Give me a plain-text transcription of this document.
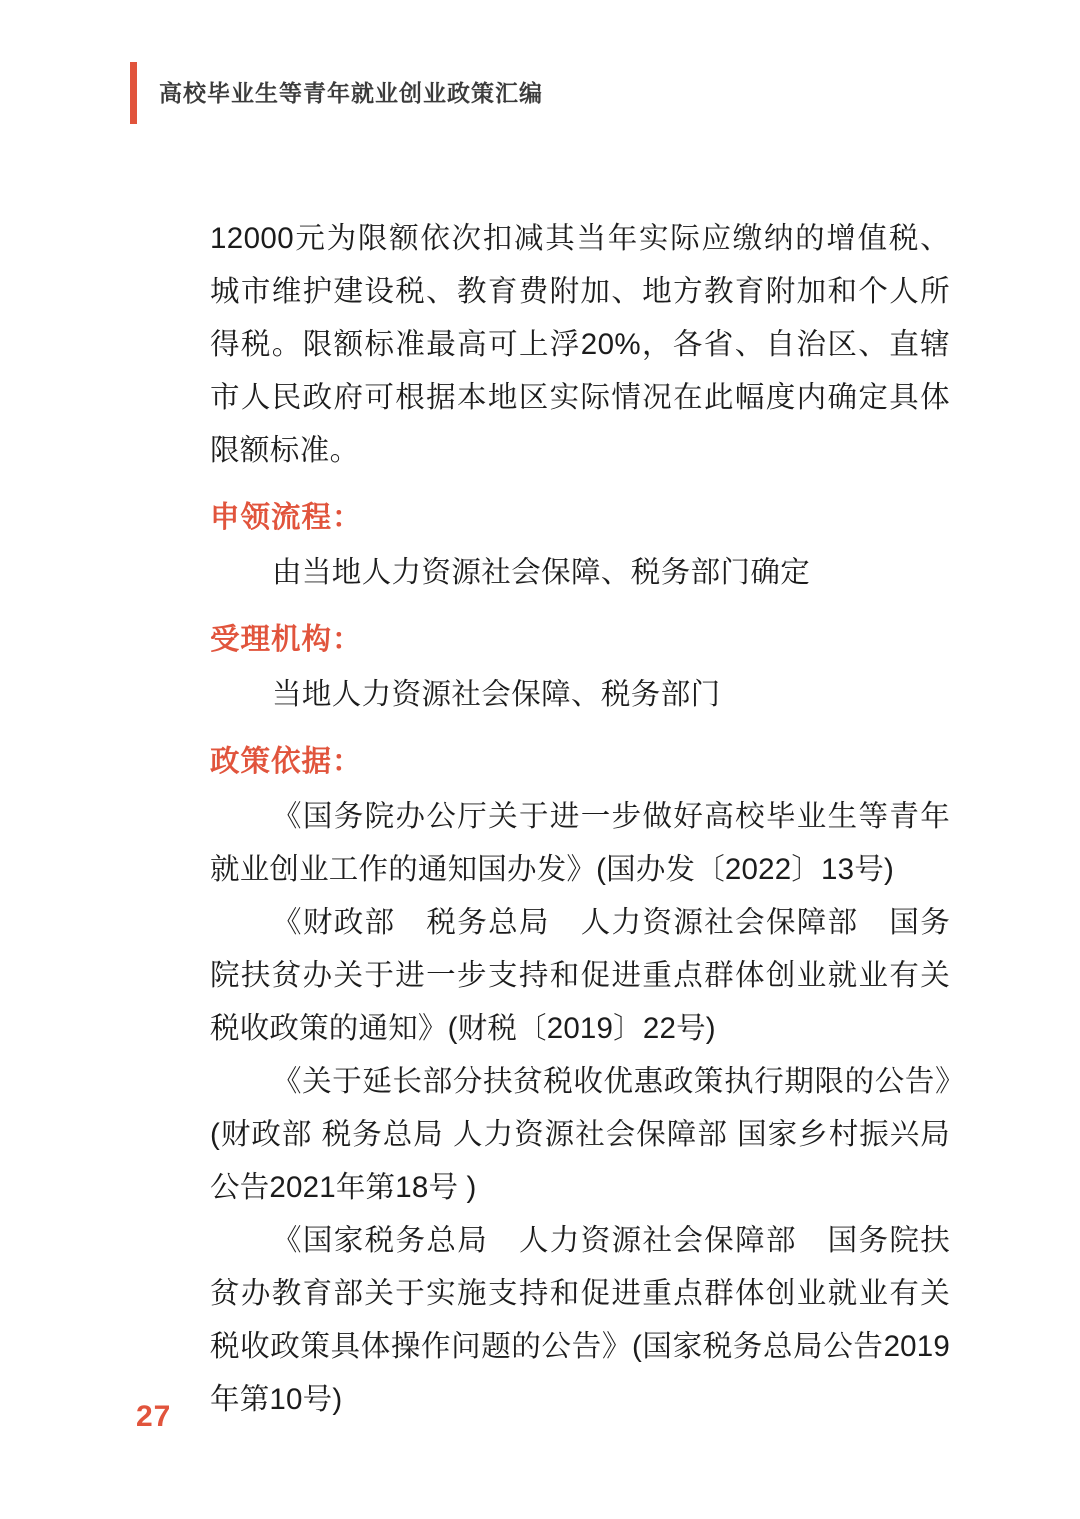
高校毕业生等青年就业创业政策汇编

12000元为限额依次扣减其当年实际应缴纳的增值税、城市维护建设税、教育费附加、地方教育附加和个人所得税。限额标准最高可上浮20%，各省、自治区、直辖市人民政府可根据本地区实际情况在此幅度内确定具体限额标准。

申领流程：

由当地人力资源社会保障、税务部门确定

受理机构：

当地人力资源社会保障、税务部门

政策依据：

《国务院办公厅关于进一步做好高校毕业生等青年就业创业工作的通知国办发》(国办发〔2022〕13号)

《财政部　税务总局　人力资源社会保障部　国务院扶贫办关于进一步支持和促进重点群体创业就业有关税收政策的通知》(财税〔2019〕22号)

《关于延长部分扶贫税收优惠政策执行期限的公告》(财政部 税务总局 人力资源社会保障部 国家乡村振兴局公告2021年第18号 )

《国家税务总局　人力资源社会保障部　国务院扶贫办教育部关于实施支持和促进重点群体创业就业有关税收政策具体操作问题的公告》(国家税务总局公告2019年第10号)

27
